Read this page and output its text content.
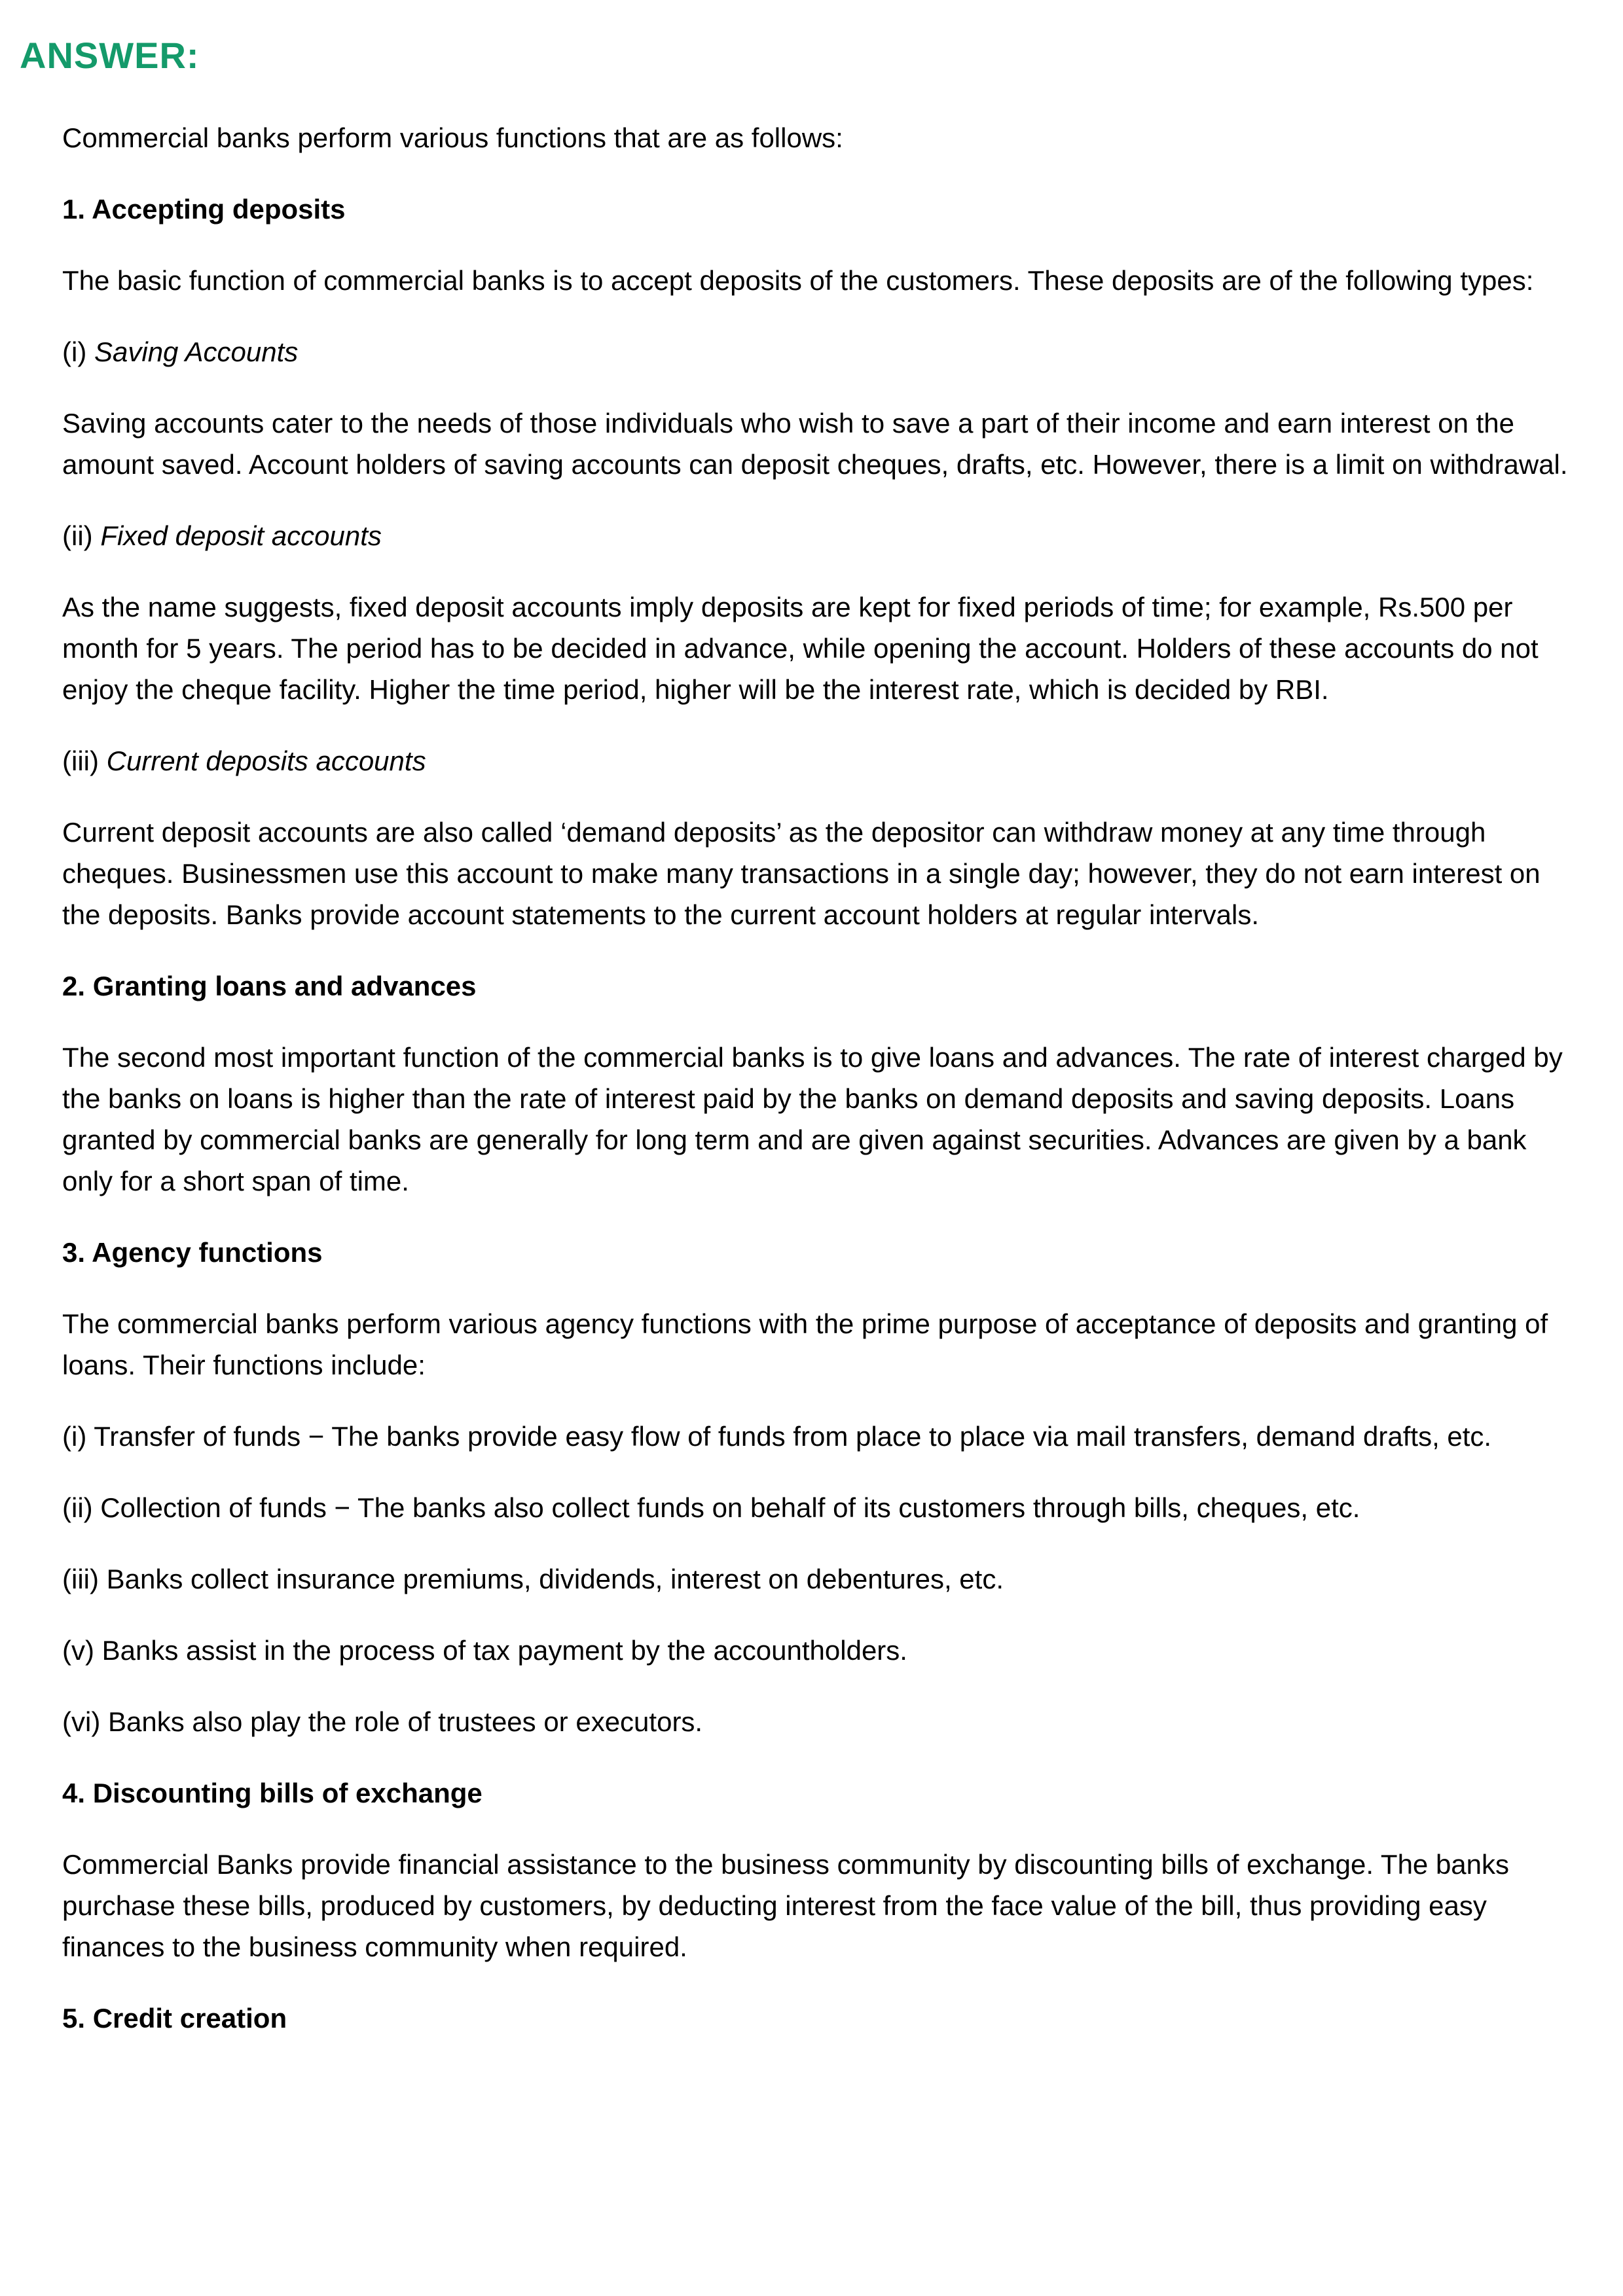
ANSWER:

Commercial banks perform various functions that are as follows:

1. Accepting deposits

The basic function of commercial banks is to accept deposits of the customers. These deposits are of the following types:

(i) Saving Accounts

Saving accounts cater to the needs of those individuals who wish to save a part of their income and earn interest on the amount saved. Account holders of saving accounts can deposit cheques, drafts, etc. However, there is a limit on withdrawal.

(ii) Fixed deposit accounts

As the name suggests, fixed deposit accounts imply deposits are kept for fixed periods of time; for example, Rs.500 per month for 5 years. The period has to be decided in advance, while opening the account. Holders of these accounts do not enjoy the cheque facility. Higher the time period, higher will be the interest rate, which is decided by RBI.

(iii) Current deposits accounts

Current deposit accounts are also called ‘demand deposits’ as the depositor can withdraw money at any time through cheques. Businessmen use this account to make many transactions in a single day; however, they do not earn interest on the deposits. Banks provide account statements to the current account holders at regular intervals.

2. Granting loans and advances

The second most important function of the commercial banks is to give loans and advances. The rate of interest charged by the banks on loans is higher than the rate of interest paid by the banks on demand deposits and saving deposits. Loans granted by commercial banks are generally for long term and are given against securities. Advances are given by a bank only for a short span of time.

3. Agency functions

The commercial banks perform various agency functions with the prime purpose of acceptance of deposits and granting of loans. Their functions include:

(i) Transfer of funds − The banks provide easy flow of funds from place to place via mail transfers, demand drafts, etc.

(ii) Collection of funds − The banks also collect funds on behalf of its customers through bills, cheques, etc.

(iii) Banks collect insurance premiums, dividends, interest on debentures, etc.

(v) Banks assist in the process of tax payment by the accountholders.

(vi) Banks also play the role of trustees or executors.

4. Discounting bills of exchange

Commercial Banks provide financial assistance to the business community by discounting bills of exchange. The banks purchase these bills, produced by customers, by deducting interest from the face value of the bill, thus providing easy finances to the business community when required.

5. Credit creation
